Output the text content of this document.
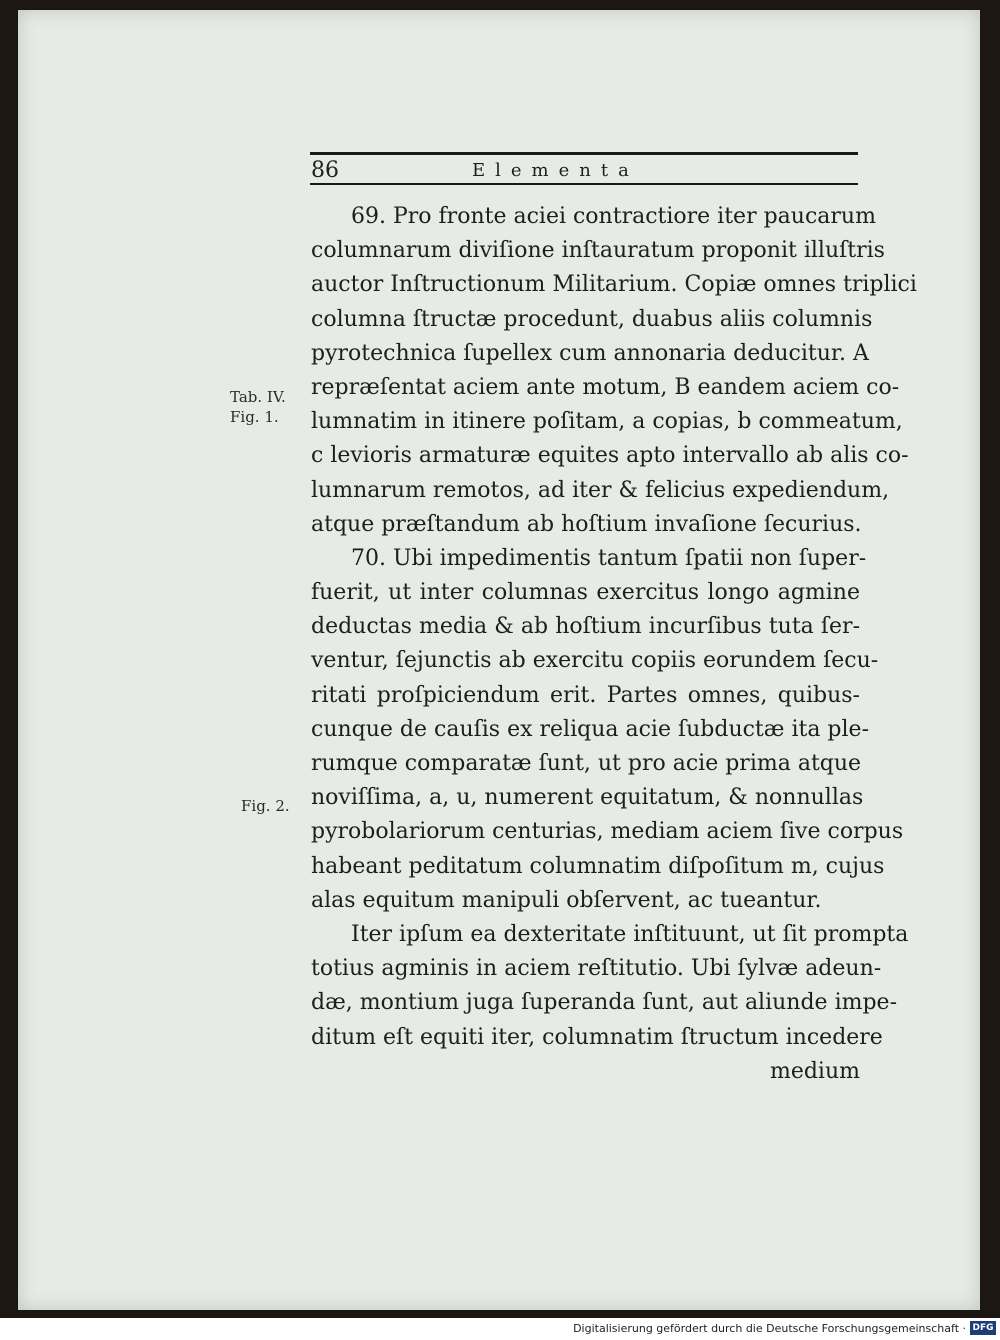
86	Elementa
Tab. IV.
Fig. 1.
Fig. 2.
69. Pro fronte aciei contractiore iter paucarum
columnarum diviſione inſtauratum proponit illuſtris
auctor Inſtructionum Militarium. Copiæ omnes triplici
columna ſtructæ procedunt, duabus aliis columnis
pyrotechnica ſupellex cum annonaria deducitur. A
repræſentat aciem ante motum, B eandem aciem co-
lumnatim in itinere poſitam, a copias, b commeatum,
c levioris armaturæ equites apto intervallo ab alis co-
lumnarum remotos, ad iter & felicius expediendum,
atque præſtandum ab hoſtium invaſione ſecurius.
70. Ubi impedimentis tantum ſpatii non ſuper-
fuerit, ut inter columnas exercitus longo agmine
deductas media & ab hoſtium incurſibus tuta ſer-
ventur, ſejunctis ab exercitu copiis eorundem ſecu-
ritati proſpiciendum erit. Partes omnes, quibus-
cunque de cauſis ex reliqua acie ſubductæ ita ple-
rumque comparatæ ſunt, ut pro acie prima atque
noviſſima, a, u, numerent equitatum, & nonnullas
pyrobolariorum centurias, mediam aciem ſive corpus
habeant peditatum columnatim diſpoſitum m, cujus
alas equitum manipuli obſervent, ac tueantur.
Iter ipſum ea dexteritate inſtituunt, ut ſit prompta
totius agminis in aciem reſtitutio. Ubi ſylvæ adeun-
dæ, montium juga ſuperanda ſunt, aut aliunde impe-
ditum eſt equiti iter, columnatim ſtructum incedere
medium
Digitalisierung gefördert durch die Deutsche Forschungsgemeinschaft · DFG
